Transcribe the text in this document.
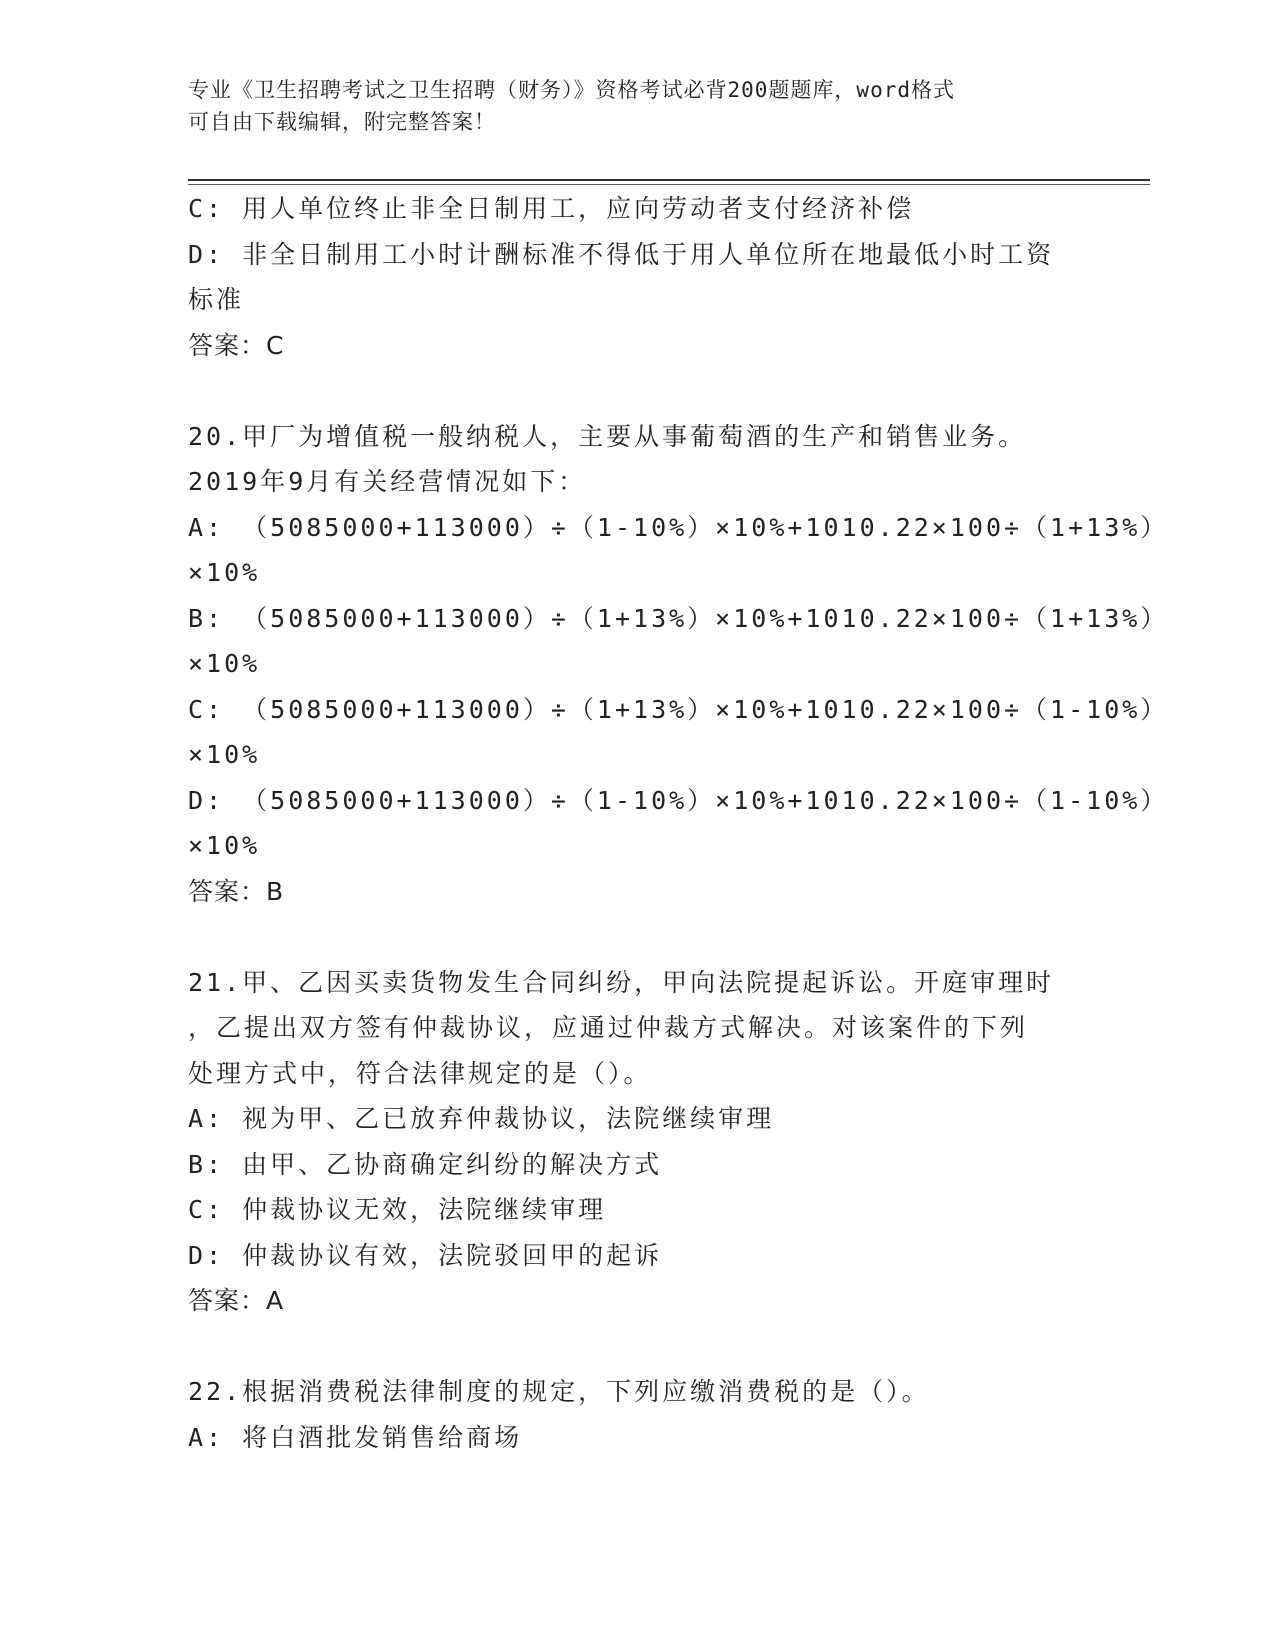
专业《卫生招聘考试之卫生招聘（财务）》资格考试必背200题题库，word格式
可自由下载编辑，附完整答案！
C: 用人单位终止非全日制用工，应向劳动者支付经济补偿
D: 非全日制用工小时计酬标准不得低于用人单位所在地最低小时工资
标准
答案：C
20.甲厂为增值税一般纳税人，主要从事葡萄酒的生产和销售业务。
2019年9月有关经营情况如下：
A: （5085000+113000）÷（1-10%）×10%+1010.22×100÷（1+13%）
×10%
B: （5085000+113000）÷（1+13%）×10%+1010.22×100÷（1+13%）
×10%
C: （5085000+113000）÷（1+13%）×10%+1010.22×100÷（1-10%）
×10%
D: （5085000+113000）÷（1-10%）×10%+1010.22×100÷（1-10%）
×10%
答案：B
21.甲、乙因买卖货物发生合同纠纷，甲向法院提起诉讼。开庭审理时
，乙提出双方签有仲裁协议，应通过仲裁方式解决。对该案件的下列
处理方式中，符合法律规定的是（）。
A: 视为甲、乙已放弃仲裁协议，法院继续审理
B: 由甲、乙协商确定纠纷的解决方式
C: 仲裁协议无效，法院继续审理
D: 仲裁协议有效，法院驳回甲的起诉
答案：A
22.根据消费税法律制度的规定，下列应缴消费税的是（）。
A: 将白酒批发销售给商场
